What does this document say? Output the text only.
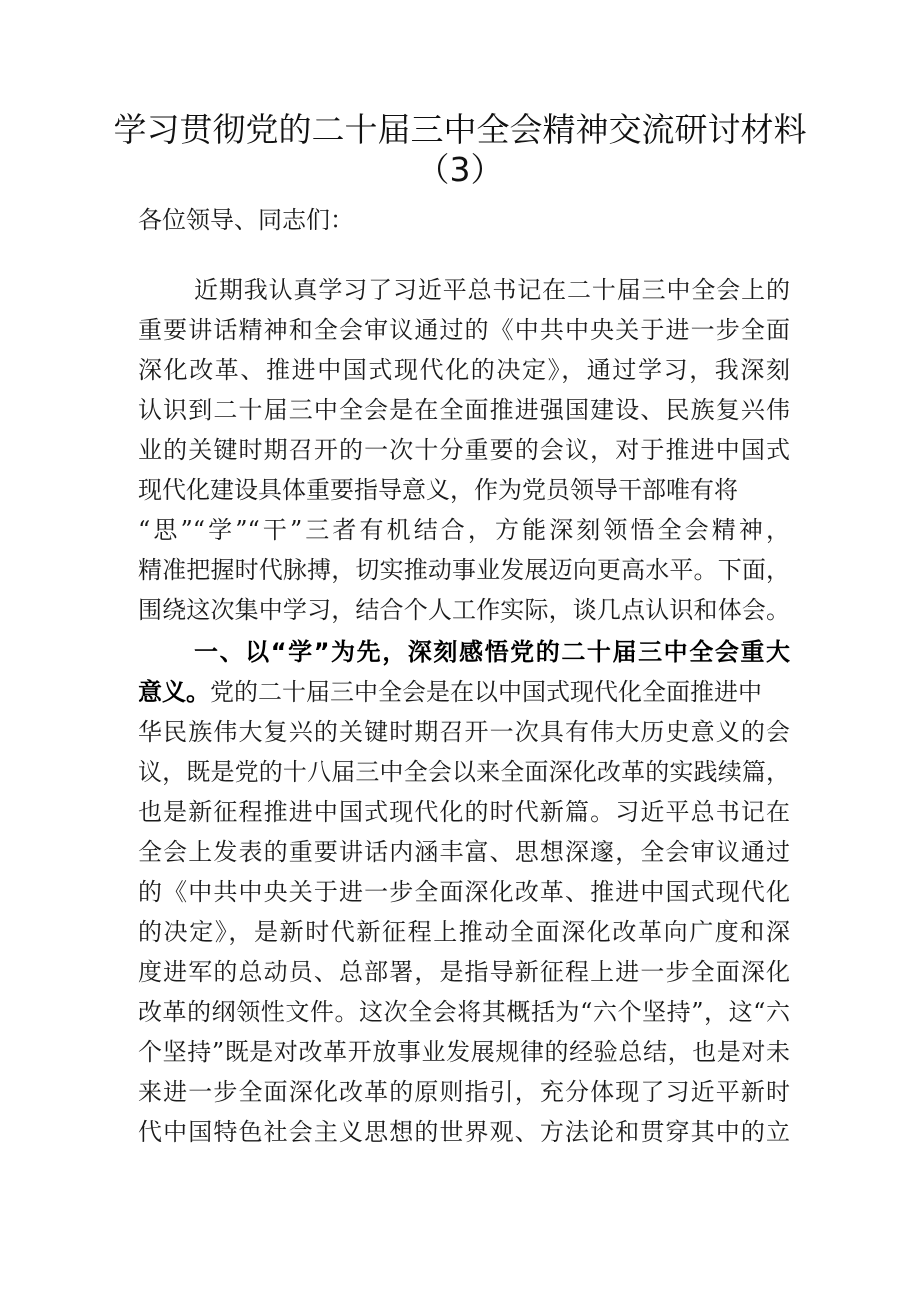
学习贯彻党的二十届三中全会精神交流研讨材料
（3）
各位领导、同志们：
近期我认真学习了习近平总书记在二十届三中全会上的
重要讲话精神和全会审议通过的《中共中央关于进一步全面
深化改革、推进中国式现代化的决定》，通过学习，我深刻
认识到二十届三中全会是在全面推进强国建设、民族复兴伟
业的关键时期召开的一次十分重要的会议，对于推进中国式
现代化建设具体重要指导意义，作为党员领导干部唯有将
“思”“学”“干”三者有机结合，方能深刻领悟全会精神，
精准把握时代脉搏，切实推动事业发展迈向更高水平。下面，
围绕这次集中学习，结合个人工作实际，谈几点认识和体会。
一、以“学”为先，深刻感悟党的二十届三中全会重大
意义。党的二十届三中全会是在以中国式现代化全面推进中
华民族伟大复兴的关键时期召开一次具有伟大历史意义的会
议，既是党的十八届三中全会以来全面深化改革的实践续篇，
也是新征程推进中国式现代化的时代新篇。习近平总书记在
全会上发表的重要讲话内涵丰富、思想深邃，全会审议通过
的《中共中央关于进一步全面深化改革、推进中国式现代化
的决定》，是新时代新征程上推动全面深化改革向广度和深
度进军的总动员、总部署，是指导新征程上进一步全面深化
改革的纲领性文件。这次全会将其概括为“六个坚持”，这“六
个坚持”既是对改革开放事业发展规律的经验总结，也是对未
来进一步全面深化改革的原则指引，充分体现了习近平新时
代中国特色社会主义思想的世界观、方法论和贯穿其中的立
